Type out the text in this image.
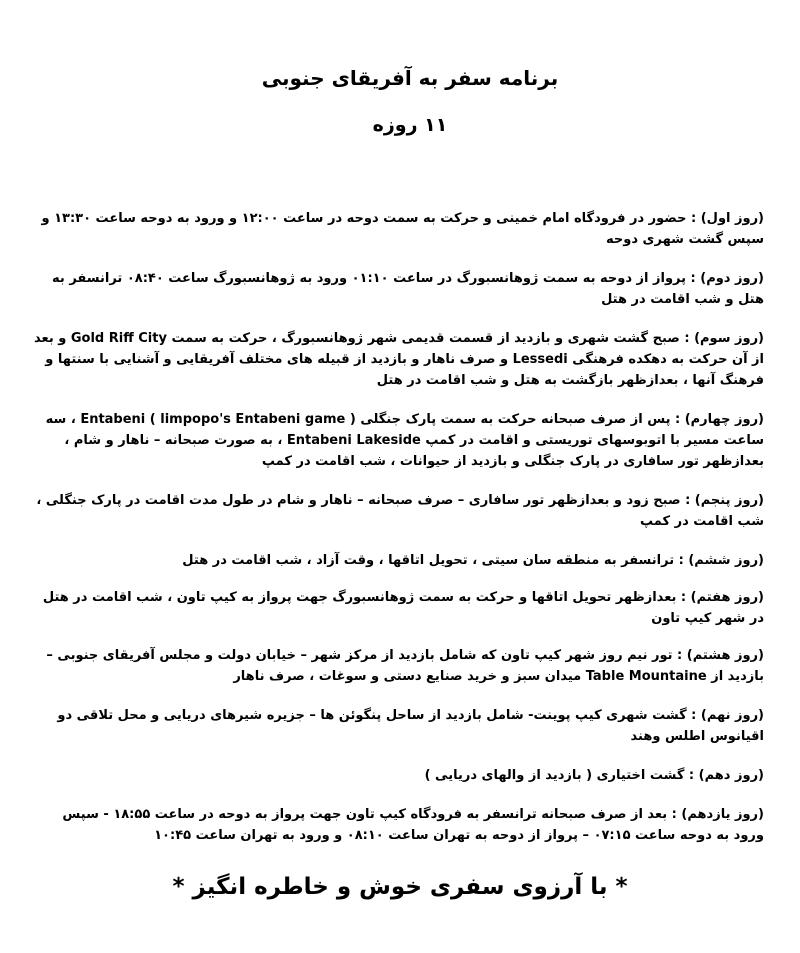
برنامه سفر به آفریقای جنوبی
۱۱ روزه

(روز اول) : حضور در فرودگاه امام خمینی و حرکت به سمت دوحه در ساعت ۱۲:۰۰ و ورود به دوحه ساعت ۱۳:۳۰ و سپس گشت شهری دوحه

(روز دوم) : پرواز از دوحه به سمت ژوهانسبورگ در ساعت ۰۱:۱۰ ورود به ژوهانسبورگ ساعت ۰۸:۴۰ ترانسفر به هتل و شب اقامت در هتل

(روز سوم) : صبح گشت شهری و بازدید از قسمت قدیمی شهر ژوهانسبورگ ، حرکت به سمت Gold Riff City و بعد از آن حرکت به دهکده فرهنگی Lessedi و صرف ناهار و بازدید از قبیله های مختلف آفریقایی و آشنایی با سنتها و فرهنگ آنها ، بعدازظهر بازگشت به هتل و شب اقامت در هتل

(روز چهارم) : پس از صرف صبحانه حرکت به سمت پارک جنگلی ( Entabeni ( limpopo's Entabeni game ، سه ساعت مسیر با اتوبوسهای توریستی و اقامت در کمپ Entabeni Lakeside ، به صورت صبحانه – ناهار و شام ، بعدازظهر تور سافاری در پارک جنگلی و بازدید از حیوانات ، شب اقامت در کمپ

(روز پنجم) : صبح زود و بعدازظهر تور سافاری – صرف صبحانه – ناهار و شام در طول مدت اقامت در پارک جنگلی ، شب اقامت در کمپ

(روز ششم) : ترانسفر به منطقه سان سیتی ، تحویل اتاقها ، وقت آزاد ، شب اقامت در هتل

(روز هفتم) : بعدازظهر تحویل اتاقها و حرکت به سمت ژوهانسبورگ جهت پرواز به کیپ تاون ، شب اقامت در هتل در شهر کیپ تاون

(روز هشتم) : تور نیم روز شهر کیپ تاون که شامل بازدید از مرکز شهر – خیابان دولت و مجلس آفریقای جنوبی – بازدید از Table Mountaine میدان سبز و خرید صنایع دستی و سوغات ، صرف ناهار

(روز نهم) : گشت شهری کیپ پوینت- شامل بازدید از ساحل پنگوئن ها – جزیره شیرهای دریایی و محل تلاقی دو اقیانوس اطلس وهند

(روز دهم) : گشت اختیاری ( بازدید از والهای دریایی )

(روز یازدهم) : بعد از صرف صبحانه ترانسفر به فرودگاه کیپ تاون جهت پرواز به دوحه در ساعت ۱۸:۵۵ - سپس ورود به دوحه ساعت ۰۷:۱۵ – پرواز از دوحه به تهران ساعت ۰۸:۱۰ و ورود به تهران ساعت ۱۰:۴۵

* با آرزوی سفری خوش و خاطره انگیز *
